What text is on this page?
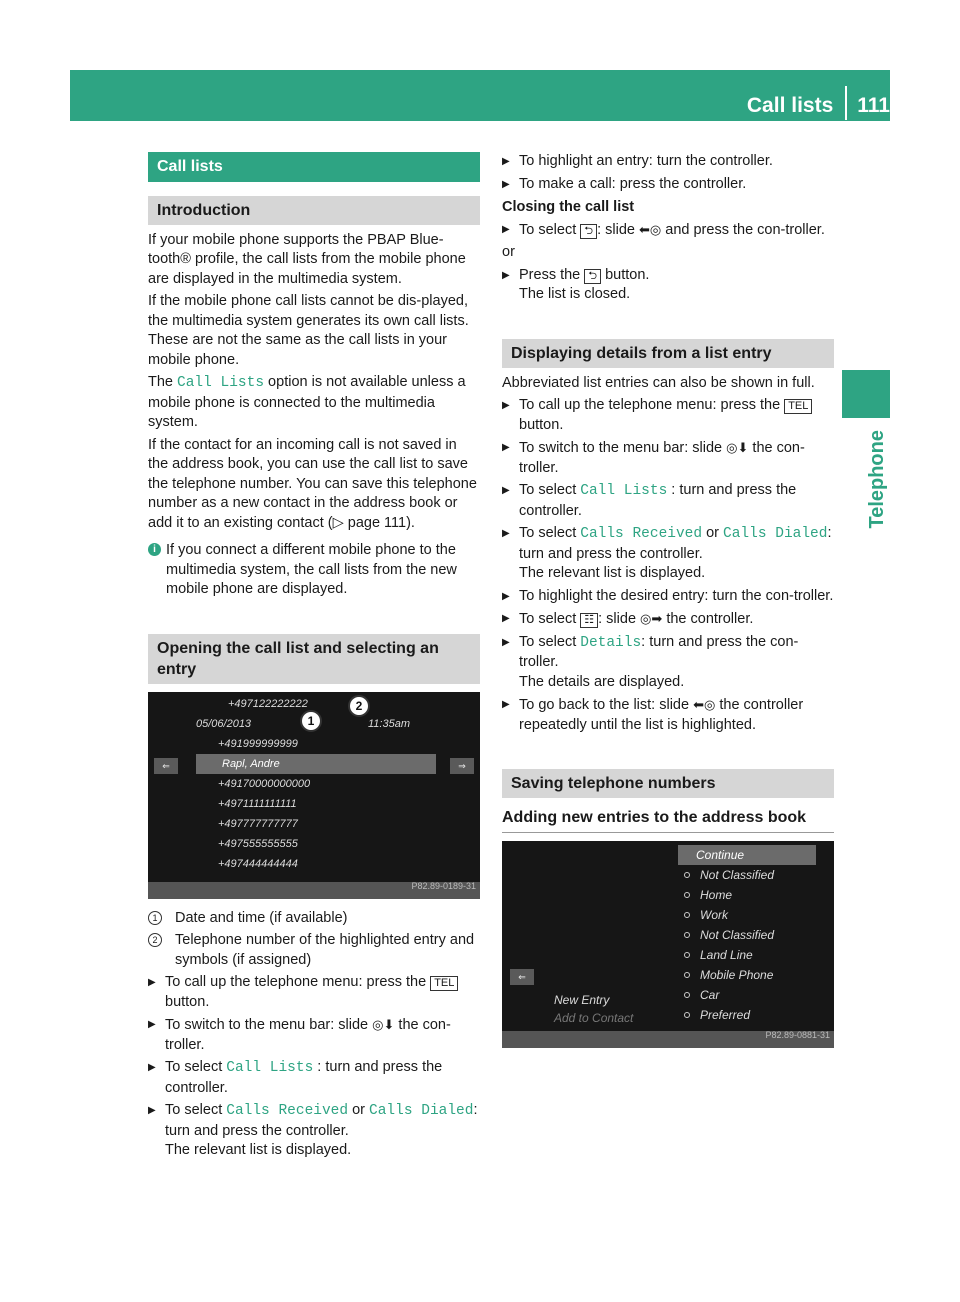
Call lists 111
Telephone
Call lists
Introduction

If your mobile phone supports the PBAP Blue-tooth® profile, the call lists from the mobile phone are displayed in the multimedia system.

If the mobile phone call lists cannot be dis-played, the multimedia system generates its own call lists. These are not the same as the call lists in your mobile phone.

The Call Lists option is not available unless a mobile phone is connected to the multimedia system.

If the contact for an incoming call is not saved in the address book, you can use the call list to save the telephone number. You can save this telephone number as a new contact in the address book or add it to an existing contact (▷ page 111).

i If you connect a different mobile phone to the multimedia system, the call lists from the new mobile phone are displayed.
Opening the call list and selecting an entry
⇐	⇒
+497122222222
05/06/2013	11:35am
+491999999999
Rapl, Andre
+49170000000000
+4971111111111
+497777777777
+497555555555
+497444444444
1
2
P82.89-0189-31
1	Date and time (if available)
2	Telephone number of the highlighted entry and symbols (if assigned)
▶ To call up the telephone menu: press the TEL button.
▶ To switch to the menu bar: slide ◎⬇ the con-troller.
▶ To select Call Lists : turn and press the controller.
▶ To select Calls Received or Calls Dialed: turn and press the controller.
The relevant list is displayed.
▶ To highlight an entry: turn the controller.
▶ To make a call: press the controller.
Closing the call list
▶ To select ⮌ : slide ⬅◎ and press the con-troller.

or

▶ Press the ⮌ button.
The list is closed.
Displaying details from a list entry

Abbreviated list entries can also be shown in full.

▶ To call up the telephone menu: press the TEL button.
▶ To switch to the menu bar: slide ◎⬇ the con-troller.
▶ To select Call Lists : turn and press the controller.
▶ To select Calls Received or Calls Dialed: turn and press the controller.
The relevant list is displayed.
▶ To highlight the desired entry: turn the con-troller.
▶ To select ☷ : slide ◎➡ the controller.
▶ To select Details: turn and press the con-troller.
The details are displayed.
▶ To go back to the list: slide ⬅◎ the controller repeatedly until the list is highlighted.
Saving telephone numbers
Adding new entries to the address book
⇐
New Entry
Add to Contact
Continue
Not Classified
Home
Work
Not Classified
Land Line
Mobile Phone
Car
Preferred
P82.89-0881-31
